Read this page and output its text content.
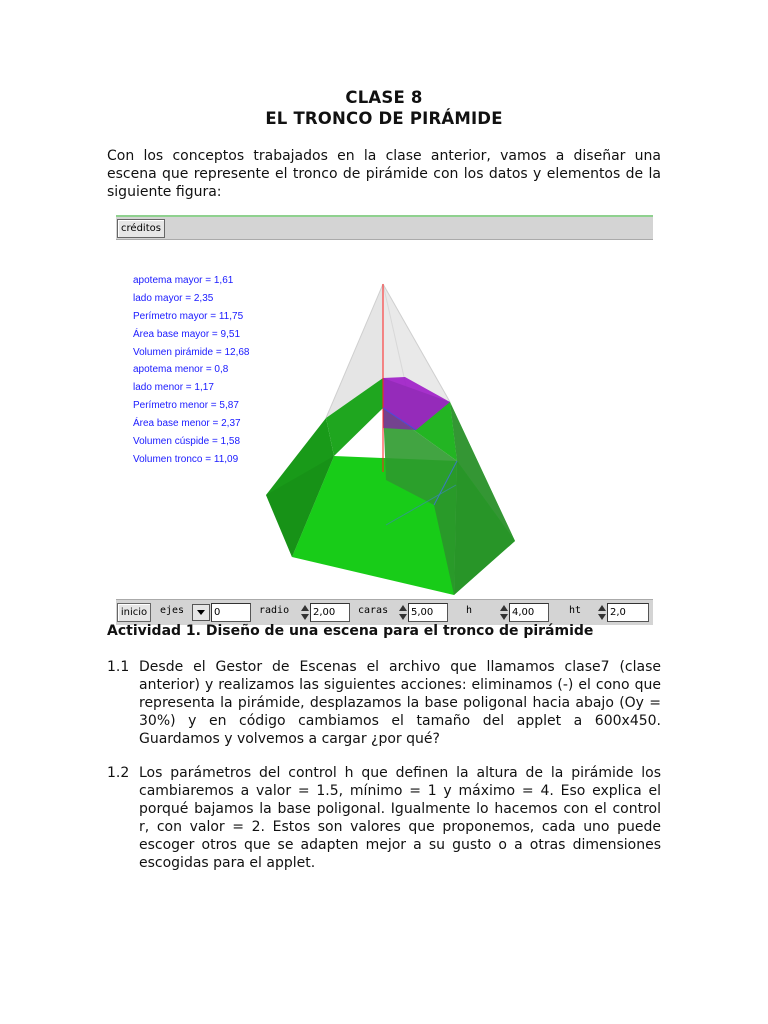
CLASE 8
EL TRONCO DE PIRÁMIDE
Con los conceptos trabajados en la clase anterior, vamos a diseñar una escena que represente el tronco de pirámide con los datos y elementos de la siguiente figura:
créditos
apotema mayor = 1,61
lado mayor = 2,35
Perímetro mayor = 11,75
Área base mayor = 9,51
Volumen pirámide = 12,68
apotema menor = 0,8
lado menor = 1,17
Perímetro menor = 5,87
Área base menor = 2,37
Volumen cúspide = 1,58
Volumen tronco = 11,09
inicio	ejes	0	radio	2,00	caras	5,00	h	4,00	ht	2,0
Actividad 1. Diseño de una escena para el tronco de pirámide
1.1 Desde el Gestor de Escenas el archivo que llamamos clase7 (clase anterior) y realizamos las siguientes acciones: eliminamos (-) el cono que representa la pirámide, desplazamos la base poligonal hacia abajo (Oy = 30%) y en código cambiamos el tamaño del applet a 600x450. Guardamos y volvemos a cargar ¿por qué?
1.2 Los parámetros del control h que definen la altura de la pirámide los cambiaremos a valor = 1.5, mínimo = 1 y máximo = 4. Eso explica el porqué bajamos la base poligonal. Igualmente lo hacemos con el control r, con valor = 2. Estos son valores que proponemos, cada uno puede escoger otros que se adapten mejor a su gusto o a otras dimensiones escogidas para el applet.
